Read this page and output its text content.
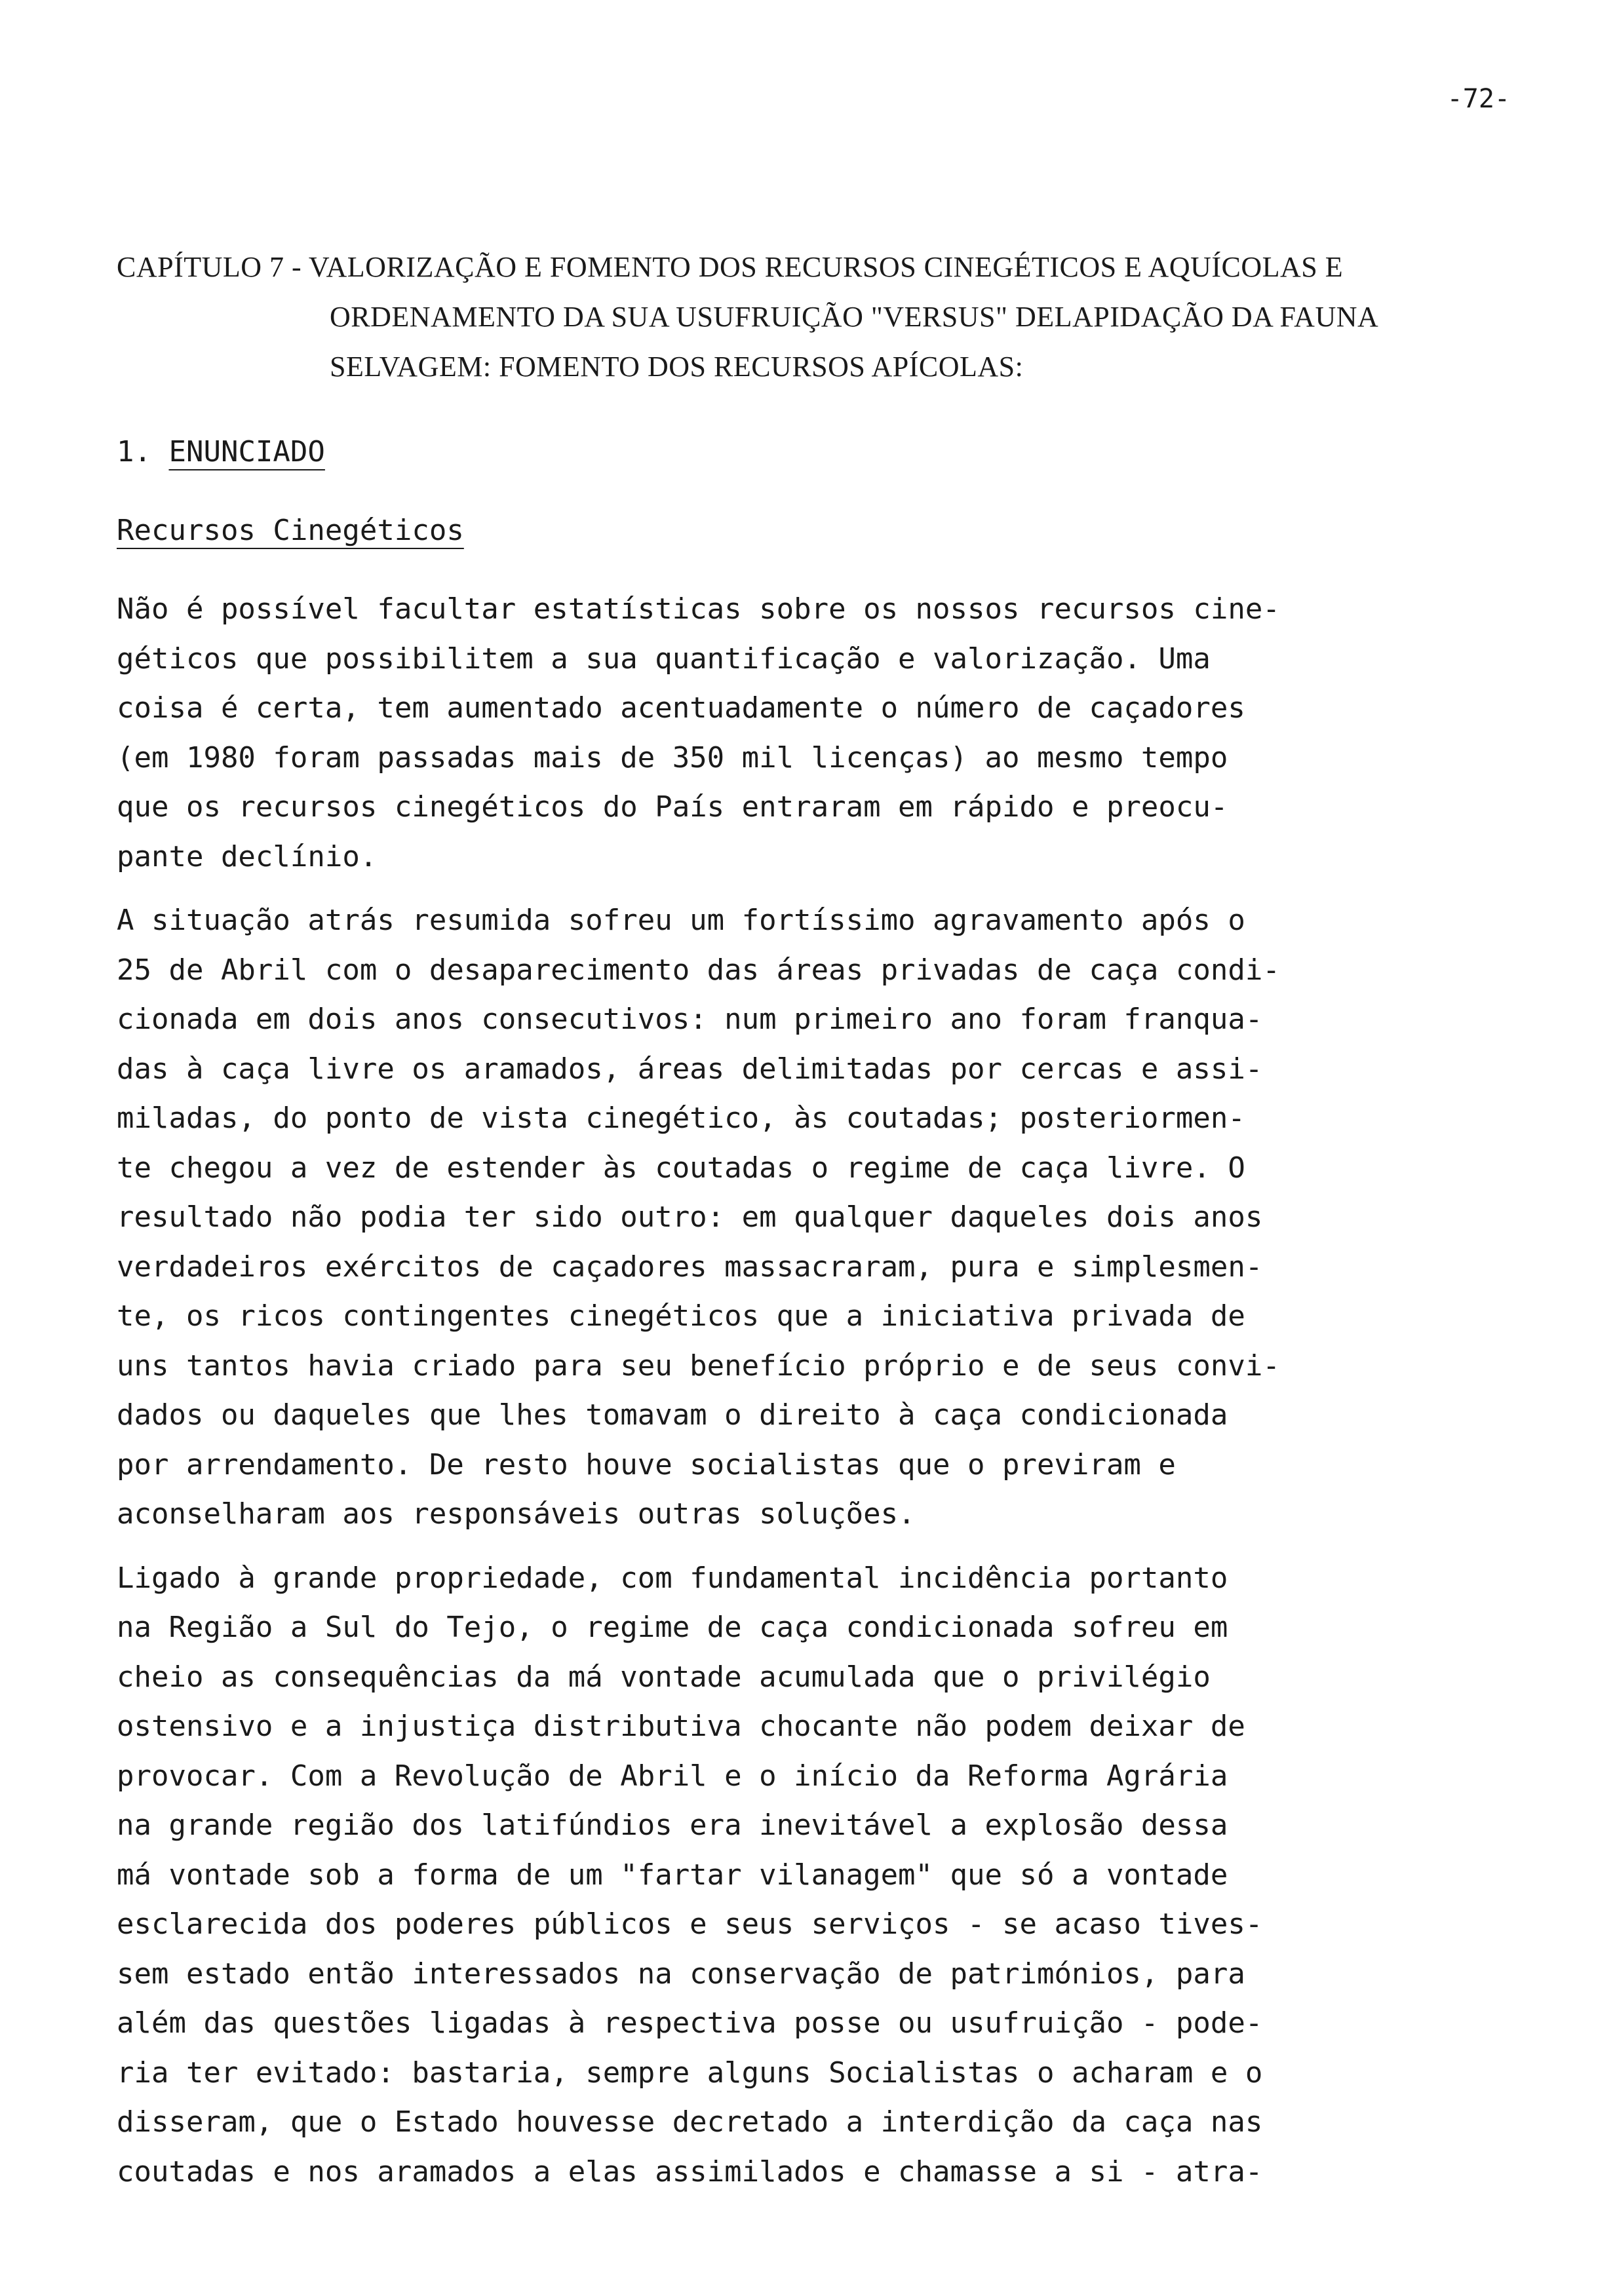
-72-
CAPÍTULO 7 - VALORIZAÇÃO E FOMENTO DOS RECURSOS CINEGÉTICOS E AQUÍCOLAS E
ORDENAMENTO DA SUA USUFRUIÇÃO "VERSUS" DELAPIDAÇÃO DA FAUNA
SELVAGEM: FOMENTO DOS RECURSOS APÍCOLAS:
1. ENUNCIADO
Recursos Cinegéticos

Não é possível facultar estatísticas sobre os nossos recursos cine-
géticos que possibilitem a sua quantificação e valorização. Uma
coisa é certa, tem aumentado acentuadamente o número de caçadores
(em 1980 foram passadas mais de 350 mil licenças) ao mesmo tempo
que os recursos cinegéticos do País entraram em rápido e preocu-
pante declínio.

A situação atrás resumida sofreu um fortíssimo agravamento após o
25 de Abril com o desaparecimento das áreas privadas de caça condi-
cionada em dois anos consecutivos: num primeiro ano foram franqua-
das à caça livre os aramados, áreas delimitadas por cercas e assi-
miladas, do ponto de vista cinegético, às coutadas; posteriormen-
te chegou a vez de estender às coutadas o regime de caça livre. O
resultado não podia ter sido outro: em qualquer daqueles dois anos
verdadeiros exércitos de caçadores massacraram, pura e simplesmen-
te, os ricos contingentes cinegéticos que a iniciativa privada de
uns tantos havia criado para seu benefício próprio e de seus convi-
dados ou daqueles que lhes tomavam o direito à caça condicionada
por arrendamento. De resto houve socialistas que o previram e
aconselharam aos responsáveis outras soluções.

Ligado à grande propriedade, com fundamental incidência portanto
na Região a Sul do Tejo, o regime de caça condicionada sofreu em
cheio as consequências da má vontade acumulada que o privilégio
ostensivo e a injustiça distributiva chocante não podem deixar de
provocar. Com a Revolução de Abril e o início da Reforma Agrária
na grande região dos latifúndios era inevitável a explosão dessa
má vontade sob a forma de um "fartar vilanagem" que só a vontade
esclarecida dos poderes públicos e seus serviços - se acaso tives-
sem estado então interessados na conservação de patrimónios, para
além das questões ligadas à respectiva posse ou usufruição - pode-
ria ter evitado: bastaria, sempre alguns Socialistas o acharam e o
disseram, que o Estado houvesse decretado a interdição da caça nas
coutadas e nos aramados a elas assimilados e chamasse a si - atra-
